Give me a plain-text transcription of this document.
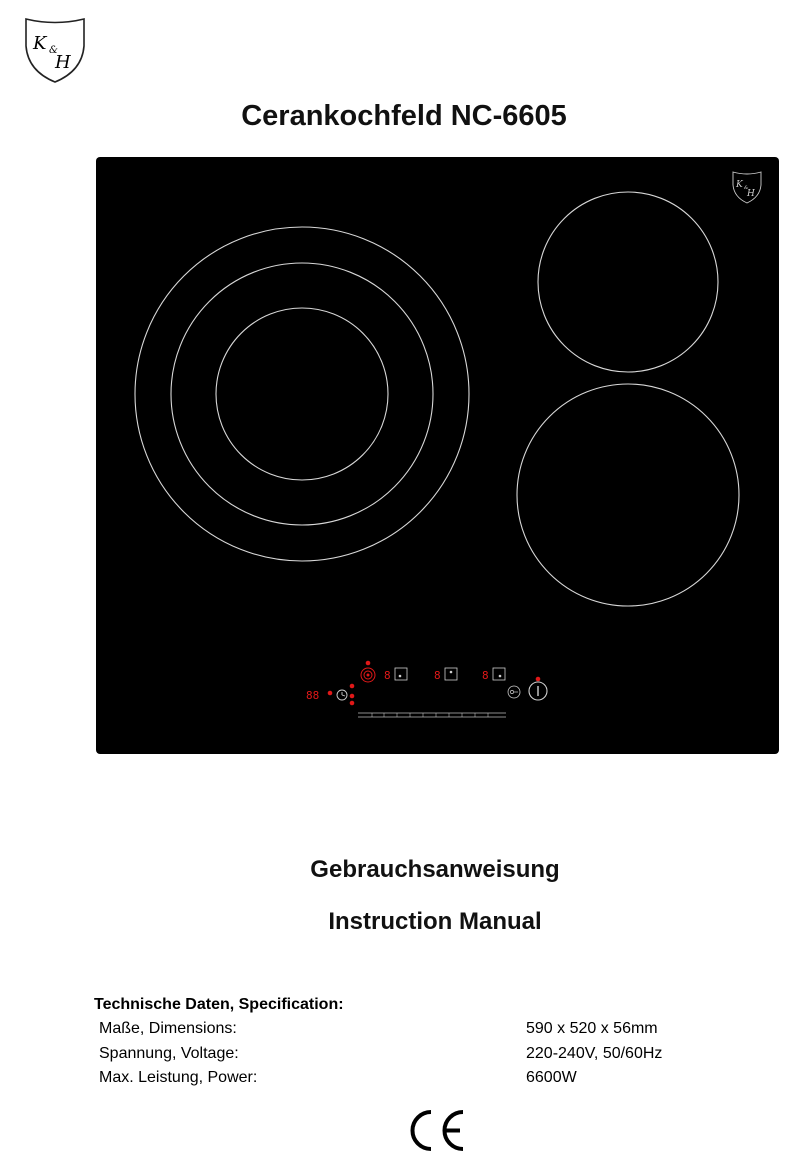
K &
H
Cerankochfeld NC-6605
K &
H
8	8	8
88
Gebrauchsanweisung
Instruction Manual
Technische Daten, Specification:
Maße, Dimensions:	590 x 520 x 56mm
Spannung, Voltage:	220-240V, 50/60Hz
Max. Leistung, Power:	6600W
